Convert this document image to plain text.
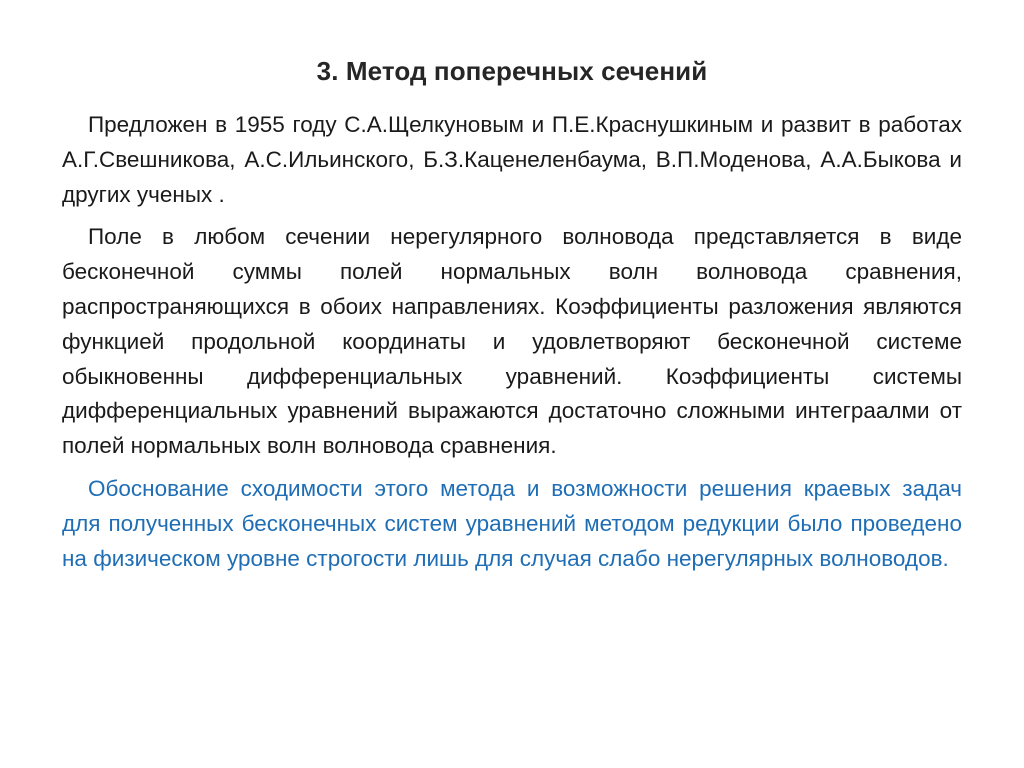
3. Метод поперечных сечений

Предложен в 1955 году С.А.Щелкуновым и П.Е.Краснушкиным и развит в работах А.Г.Свешникова, А.С.Ильинского, Б.З.Каценеленбаума, В.П.Моденова, А.А.Быкова и других ученых .

Поле в любом сечении нерегулярного волновода представляется в виде бесконечной суммы полей нормальных волн волновода сравнения, распространяющихся в обоих направлениях. Коэффициенты разложения являются функцией продольной координаты и удовлетворяют бесконечной системе обыкновенны дифференциальных уравнений. Коэффициенты системы дифференциальных уравнений выражаются достаточно сложными интеграалми от полей нормальных волн волновода сравнения.

Обоснование сходимости этого метода и возможности решения краевых задач для полученных бесконечных систем уравнений методом редукции было проведено на физическом уровне строгости лишь для случая слабо нерегулярных волноводов.
